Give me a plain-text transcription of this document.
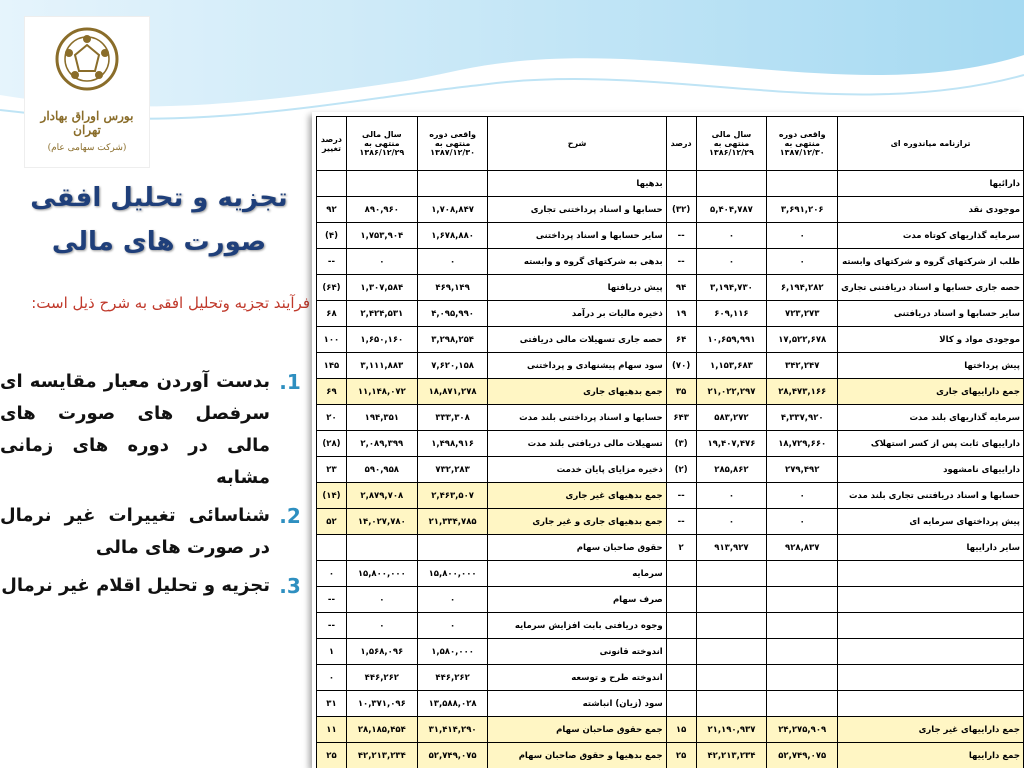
بورس اوراق بهادار تهران
(شرکت سهامی عام)
تجزیه و تحلیل افقی صورت های مالی
فرآیند تجزیه وتحلیل افقی به شرح ذیل است:
1.
بدست آوردن معیار مقایسه ای سرفصل های صورت های مالی در دوره های زمانی مشابه
2.
شناسائی تغییرات غیر نرمال در صورت های مالی
3.
تجزیه و تحلیل اقلام غیر نرمال
ترازنامه میاندوره ای	واقعی دوره منتهی به ۱۳۸۷/۱۲/۳۰	سال مالی منتهی به ۱۳۸۶/۱۲/۲۹	درصد	شرح	واقعی دوره منتهی به ۱۳۸۷/۱۲/۳۰	سال مالی منتهی به ۱۳۸۶/۱۲/۲۹	درصد تغییر
دارائیها				بدهیها			
موجودی نقد	۳,۶۹۱,۲۰۶	۵,۴۰۴,۷۸۷	(۳۲)	حسابها و اسناد پرداختنی تجاری	۱,۷۰۸,۸۴۷	۸۹۰,۹۶۰	۹۲
سرمایه گذاریهای کوتاه مدت	۰	۰	--	سایر حسابها و اسناد پرداختنی	۱,۶۷۸,۸۸۰	۱,۷۵۳,۹۰۴	(۴)
طلب از شرکتهای گروه و شرکتهای وابسته	۰	۰	--	بدهی به شرکتهای گروه و وابسته	۰	۰	--
حصه جاری حسابها و اسناد دریافتنی تجاری	۶,۱۹۴,۲۸۲	۳,۱۹۴,۷۳۰	۹۴	پیش دریافتها	۴۶۹,۱۴۹	۱,۳۰۷,۵۸۴	(۶۴)
سایر حسابها و اسناد دریافتنی	۷۲۳,۲۷۳	۶۰۹,۱۱۶	۱۹	ذخیره مالیات بر درآمد	۴,۰۹۵,۹۹۰	۲,۴۲۴,۵۳۱	۶۸
موجودی مواد و کالا	۱۷,۵۲۲,۶۷۸	۱۰,۶۵۹,۹۹۱	۶۴	حصه جاری تسهیلات مالی دریافتی	۳,۲۹۸,۲۵۴	۱,۶۵۰,۱۶۰	۱۰۰
پیش پرداختها	۳۴۲,۲۴۷	۱,۱۵۳,۶۸۳	(۷۰)	سود سهام پیشنهادی و پرداختنی	۷,۶۲۰,۱۵۸	۳,۱۱۱,۸۸۳	۱۴۵
جمع داراییهای جاری	۲۸,۴۷۳,۱۶۶	۲۱,۰۲۲,۲۹۷	۳۵	جمع بدهیهای جاری	۱۸,۸۷۱,۲۷۸	۱۱,۱۴۸,۰۷۲	۶۹
سرمایه گذاریهای بلند مدت	۴,۳۳۷,۹۲۰	۵۸۳,۲۷۲	۶۴۳	حسابها و اسناد پرداختنی بلند مدت	۳۳۳,۳۰۸	۱۹۴,۳۵۱	۲۰
داراییهای ثابت پس از کسر استهلاک	۱۸,۷۲۹,۶۶۰	۱۹,۴۰۷,۴۷۶	(۳)	تسهیلات مالی دریافتی بلند مدت	۱,۴۹۸,۹۱۶	۲,۰۸۹,۳۹۹	(۲۸)
داراییهای نامشهود	۲۷۹,۴۹۲	۲۸۵,۸۶۲	(۲)	ذخیره مزایای پایان خدمت	۷۳۲,۲۸۳	۵۹۰,۹۵۸	۲۳
حسابها و اسناد دریافتنی تجاری بلند مدت	۰	۰	--	جمع بدهیهای غیر جاری	۲,۴۶۳,۵۰۷	۲,۸۷۹,۷۰۸	(۱۴)
پیش پرداختهای سرمایه ای	۰	۰	--	جمع بدهیهای جاری و غیر جاری	۲۱,۳۳۴,۷۸۵	۱۴,۰۲۷,۷۸۰	۵۲
سایر داراییها	۹۲۸,۸۳۷	۹۱۳,۹۲۷	۲	حقوق صاحبان سهام			
				سرمایه	۱۵,۸۰۰,۰۰۰	۱۵,۸۰۰,۰۰۰	۰
				صرف سهام	۰	۰	--
				وجوه دریافتی بابت افزایش سرمایه	۰	۰	--
				اندوخته قانونی	۱,۵۸۰,۰۰۰	۱,۵۶۸,۰۹۶	۱
				اندوخته طرح و توسعه	۴۴۶,۲۶۲	۴۴۶,۲۶۲	۰
				سود (زیان) انباشته	۱۳,۵۸۸,۰۲۸	۱۰,۳۷۱,۰۹۶	۳۱
جمع داراییهای غیر جاری	۲۴,۲۷۵,۹۰۹	۲۱,۱۹۰,۹۳۷	۱۵	جمع حقوق صاحبان سهام	۳۱,۴۱۴,۲۹۰	۲۸,۱۸۵,۴۵۴	۱۱
جمع داراییها	۵۲,۷۴۹,۰۷۵	۴۲,۲۱۳,۲۳۴	۲۵	جمع بدهیها و حقوق صاحبان سهام	۵۲,۷۴۹,۰۷۵	۴۲,۲۱۳,۲۳۴	۲۵
